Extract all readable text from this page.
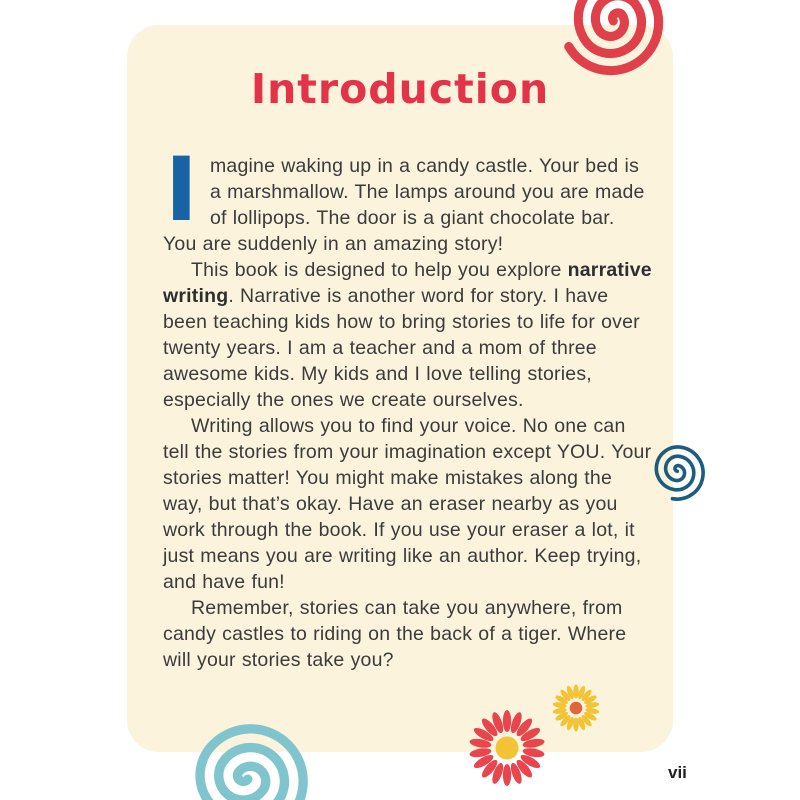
Introduction

Imagine waking up in a candy castle. Your bed is a marshmallow. The lamps around you are made of lollipops. The door is a giant chocolate bar. You are suddenly in an amazing story!

This book is designed to help you explore narrative writing. Narrative is another word for story. I have been teaching kids how to bring stories to life for over twenty years. I am a teacher and a mom of three awesome kids. My kids and I love telling stories, especially the ones we create ourselves.

Writing allows you to find your voice. No one can tell the stories from your imagination except YOU. Your stories matter! You might make mistakes along the way, but that’s okay. Have an eraser nearby as you work through the book. If you use your eraser a lot, it just means you are writing like an author. Keep trying, and have fun!

Remember, stories can take you anywhere, from candy castles to riding on the back of a tiger. Where will your stories take you?

vii
